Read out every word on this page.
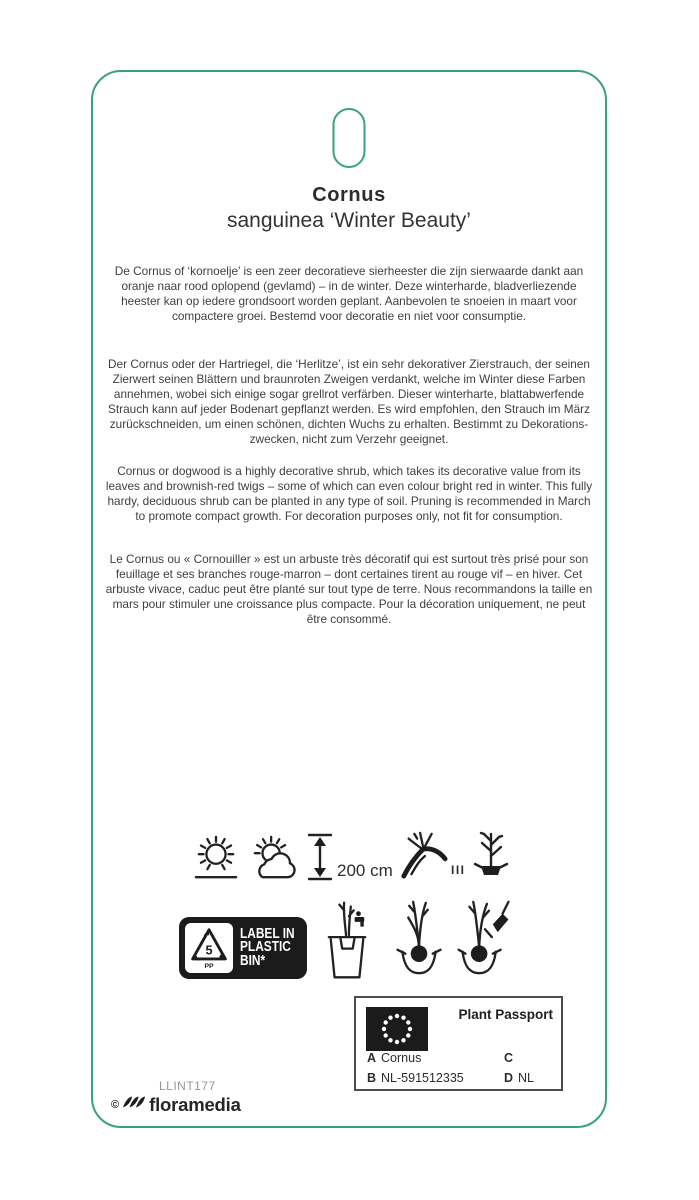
Cornus
sanguinea ‘Winter Beauty’
De Cornus of ‘kornoelje’ is een zeer decoratieve sierheester die zijn sierwaarde dankt aan oranje naar rood oplopend (gevlamd) – in de winter. Deze winterharde, bladverliezende heester kan op iedere grondsoort worden geplant. Aanbevolen te snoeien in maart voor compactere groei. Bestemd voor decoratie en niet voor consumptie.
Der Cornus oder der Hartriegel, die ‘Herlitze’, ist ein sehr dekorativer Zierstrauch, der seinen Zierwert seinen Blättern und braunroten Zweigen verdankt, welche im Winter diese Farben annehmen, wobei sich einige sogar grellrot verfärben. Dieser winterharte, blattabwerfende Strauch kann auf jeder Bodenart gepflanzt werden. Es wird empfohlen, den Strauch im März zurückschneiden, um einen schönen, dichten Wuchs zu erhalten. Bestimmt zu Dekorations- zwecken, nicht zum Verzehr geeignet.
Cornus or dogwood is a highly decorative shrub, which takes its decorative value from its leaves and brownish-red twigs – some of which can even colour bright red in winter. This fully hardy, deciduous shrub can be planted in any type of soil. Pruning is recommended in March to promote compact growth. For decoration purposes only, not fit for consumption.
Le Cornus ou « Cornouiller » est un arbuste très décoratif qui est surtout très prisé pour son feuillage et ses branches rouge-marron – dont certaines tirent au rouge vif – en hiver. Cet arbuste vivace, caduc peut être planté sur tout type de terre. Nous recommandons la taille en mars pour stimuler une croissance plus compacte. Pour la décoration uniquement, ne peut être consommé.
200 cm	III
5
PP
LABEL IN
PLASTIC
BIN*
Plant Passport
A Cornus	C
B NL-591512335	D NL
LLINT177
© floramedia
